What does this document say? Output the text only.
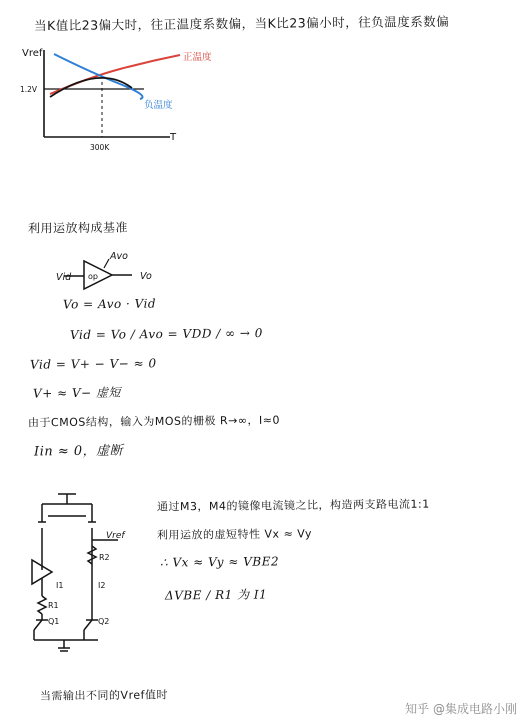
当K值比23偏大时，往正温度系数偏，当K比23偏小时，往负温度系数偏
Vref
1.2V
T
300K
正温度
负温度
利用运放构成基准
Vid op
Avo
Vo
Vo = Avo · Vid
Vid = Vo / Avo = VDD / ∞ → 0
Vid = V+ − V− ≈ 0
V+ ≈ V− 虚短
由于CMOS结构，输入为MOS的栅极 R→∞，I≈0
Iin ≈ 0，虚断
Vref
R2
R1
I1	I2
Q1	Q2
通过M3，M4的镜像电流镜之比，构造两支路电流1:1
利用运放的虚短特性 Vx ≈ Vy
∴ Vx ≈ Vy ≈ VBE2
ΔVBE / R1 为 I1
当需输出不同的Vref值时
知乎 @集成电路小刚
